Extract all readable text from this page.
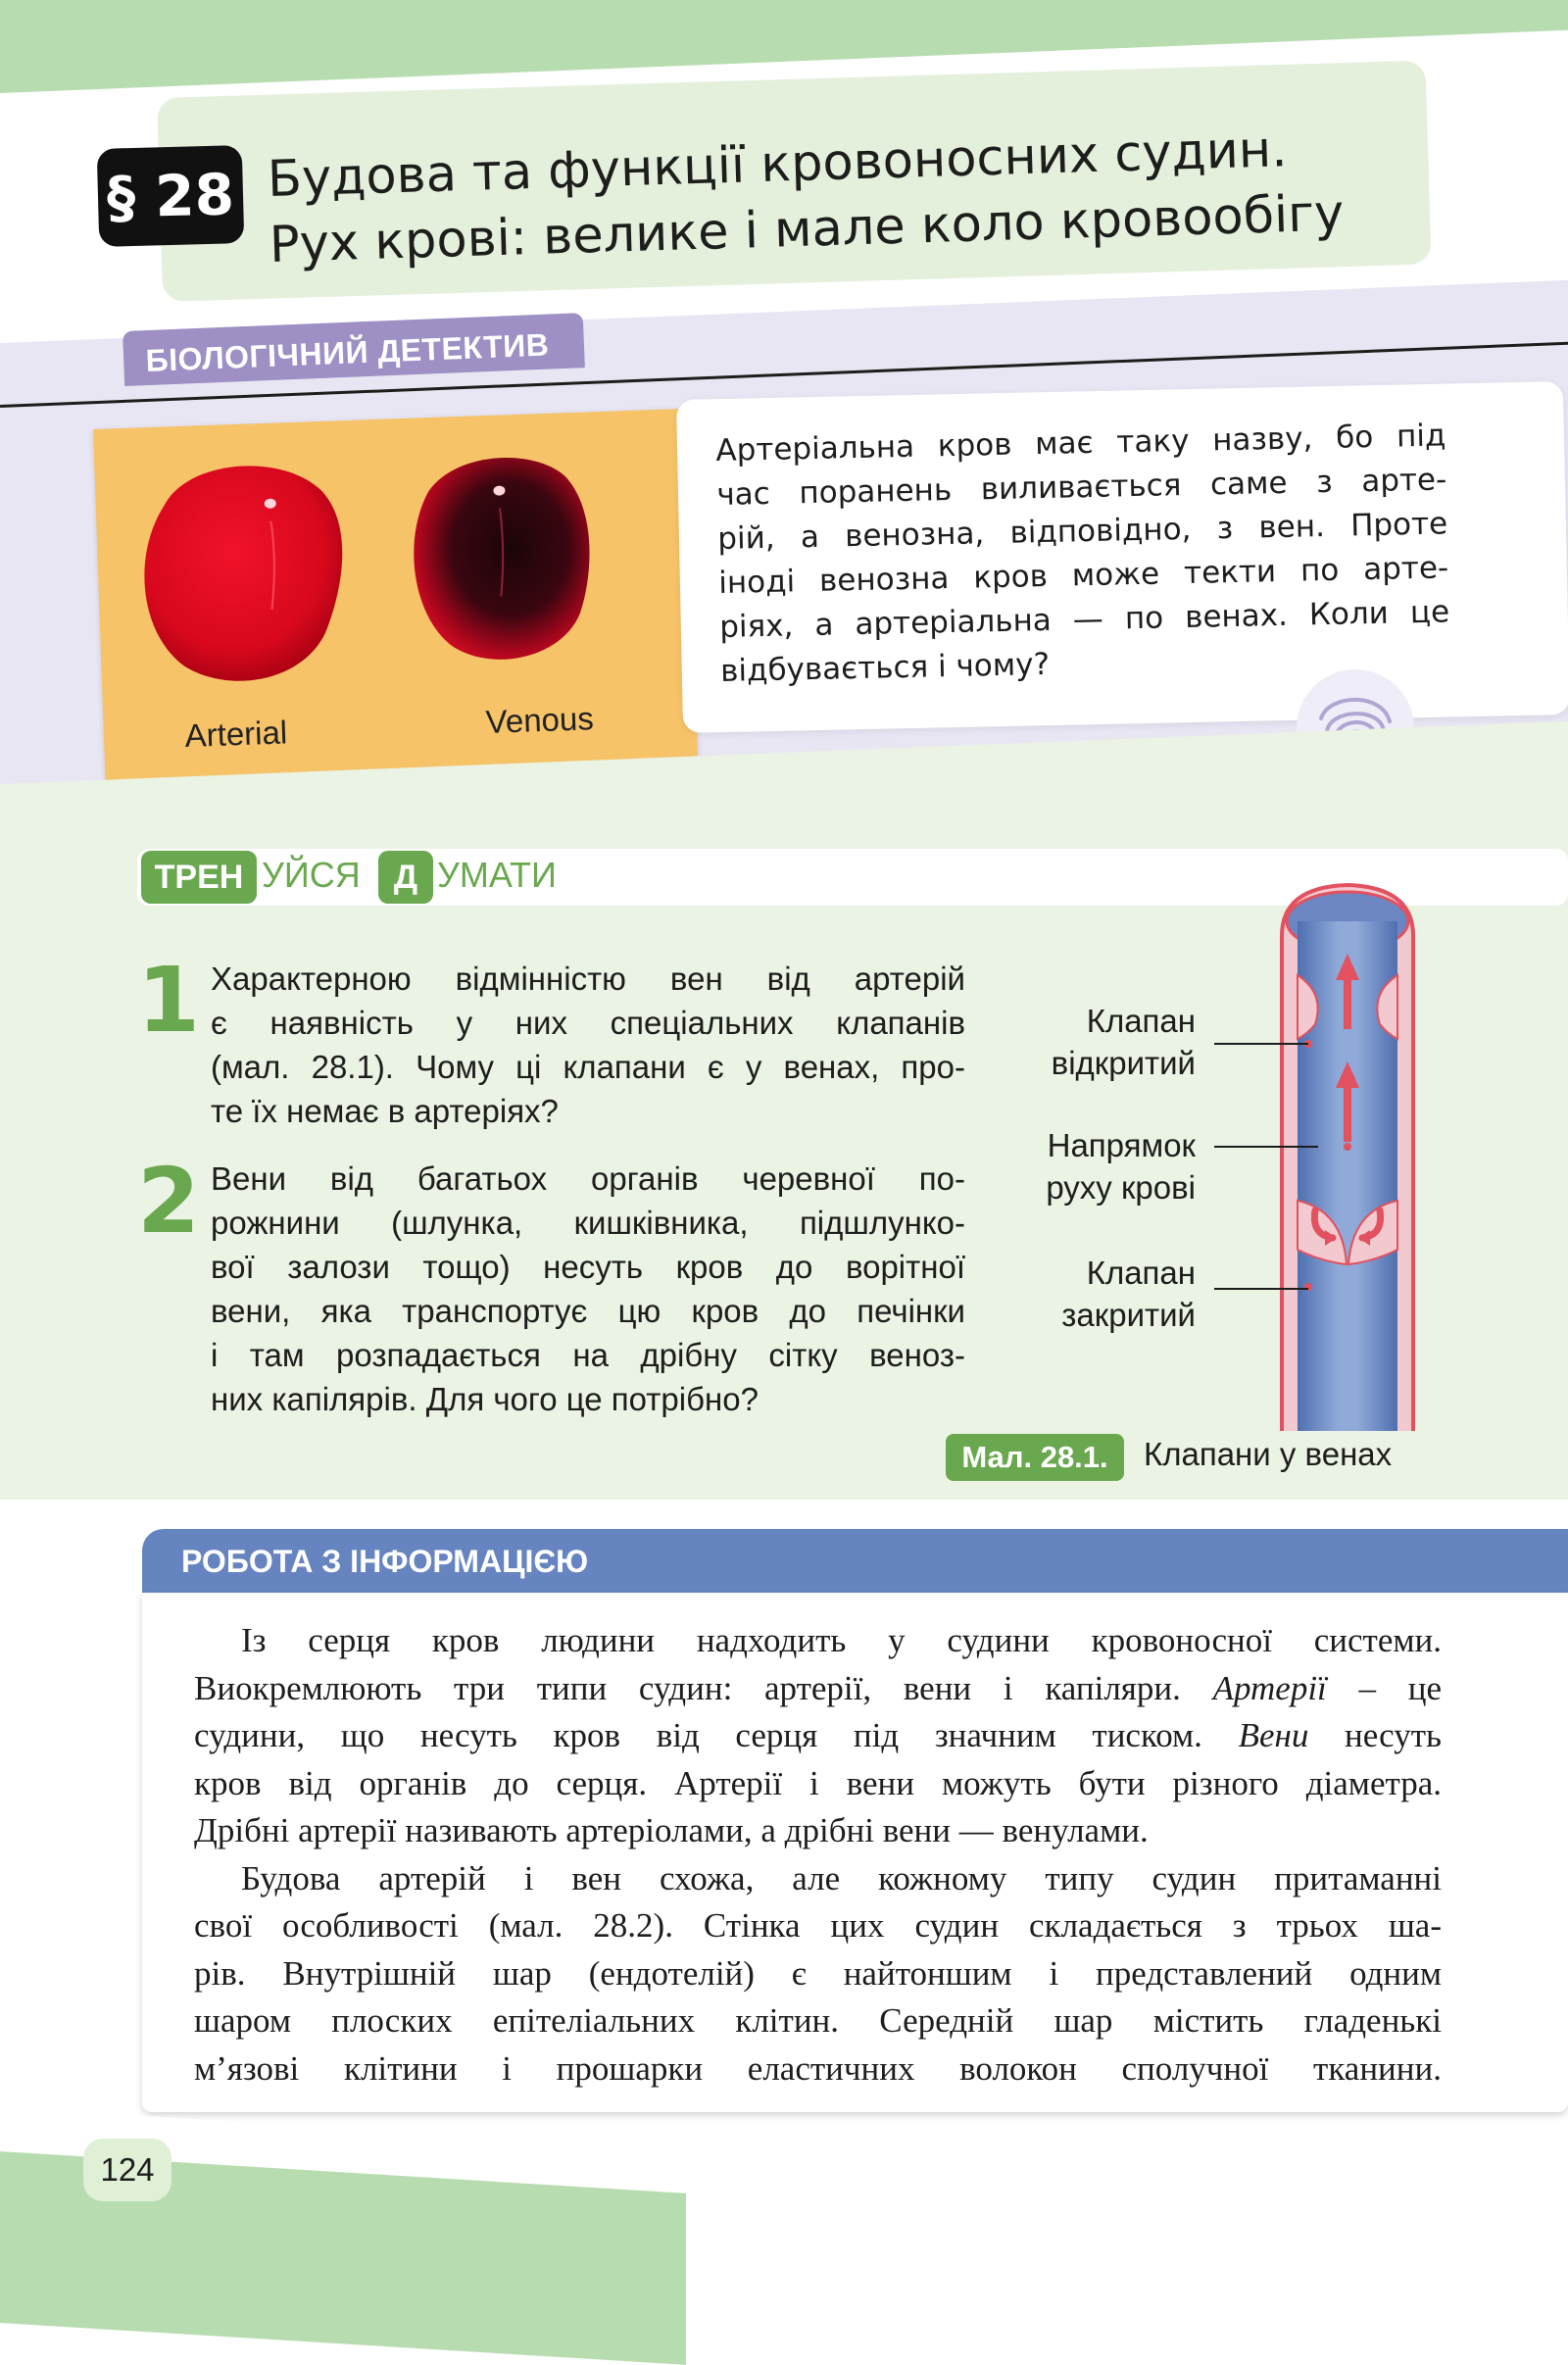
§ 28 Будова та функції кровоносних судин.
Рух крові: велике і мале коло кровообігу
БІОЛОГІЧНИЙ ДЕТЕКТИВ
Arterial	Venous
Артеріальна кров має таку назву, бо під
час поранень виливається саме з арте-
рій, а венозна, відповідно, з вен. Проте
іноді венозна кров може текти по арте-
ріях, а артеріальна — по венах. Коли це
відбувається і чому?
ТРЕН УЙСЯ	Д УМАТИ
1 Характерною відмінністю вен від артерій
є наявність у них спеціальних клапанів
(мал. 28.1). Чому ці клапани є у венах, про-
те їх немає в артеріях?
2 Вени від багатьох органів черевної по-
рожнини (шлунка, кишківника, підшлунко-
вої залози тощо) несуть кров до ворітної
вени, яка транспортує цю кров до печінки
і там розпадається на дрібну сітку веноз-
них капілярів. Для чого це потрібно?
Клапан
відкритий
Напрямок
руху крові
Клапан
закритий
Мал. 28.1.	Клапани у венах
РОБОТА З ІНФОРМАЦІЄЮ
Із серця кров людини надходить у судини кровоносної системи.
Виокремлюють три типи судин: артерії, вени і капіляри. Артерії – це
судини, що несуть кров від серця під значним тиском. Вени несуть
кров від органів до серця. Артерії і вени можуть бути різного діаметра.
Дрібні артерії називають артеріолами, а дрібні вени — венулами.
Будова артерій і вен схожа, але кожному типу судин притаманні
свої особливості (мал. 28.2). Стінка цих судин складається з трьох ша-
рів. Внутрішній шар (ендотелій) є найтоншим і представлений одним
шаром плоских епітеліальних клітин. Середній шар містить гладенькі
м’язові клітини і прошарки еластичних волокон сполучної тканини.
124
